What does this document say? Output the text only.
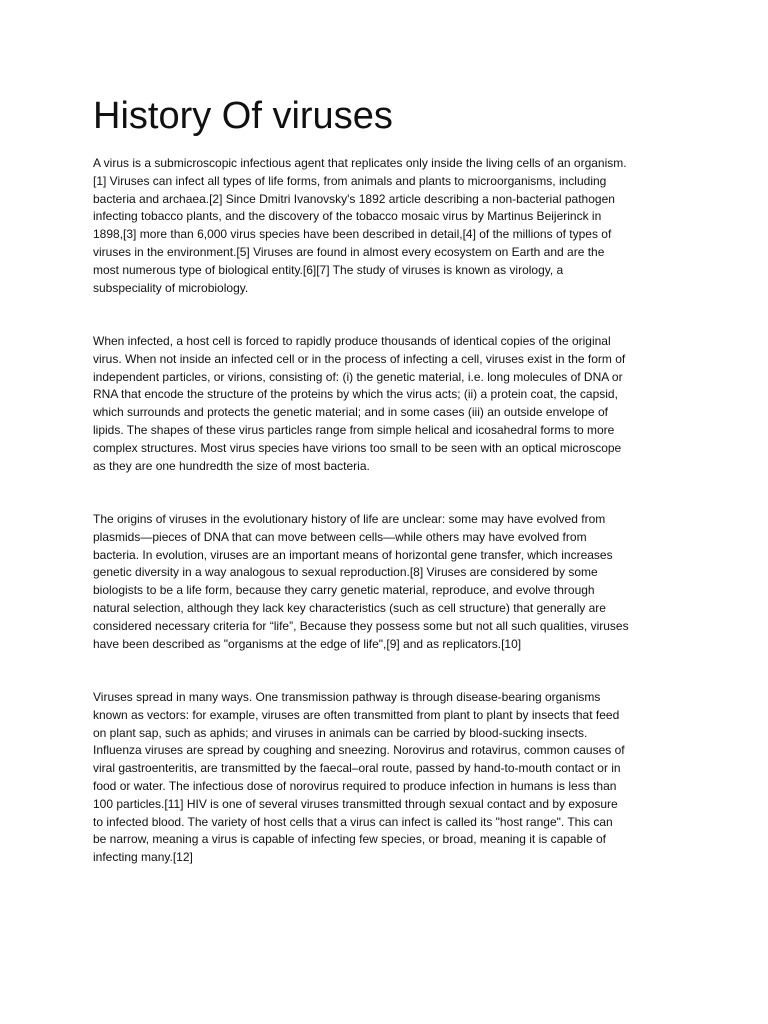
History Of viruses

A virus is a submicroscopic infectious agent that replicates only inside the living cells of an organism.
[1] Viruses can infect all types of life forms, from animals and plants to microorganisms, including
bacteria and archaea.[2] Since Dmitri Ivanovsky's 1892 article describing a non-bacterial pathogen
infecting tobacco plants, and the discovery of the tobacco mosaic virus by Martinus Beijerinck in
1898,[3] more than 6,000 virus species have been described in detail,[4] of the millions of types of
viruses in the environment.[5] Viruses are found in almost every ecosystem on Earth and are the
most numerous type of biological entity.[6][7] The study of viruses is known as virology, a
subspeciality of microbiology.

When infected, a host cell is forced to rapidly produce thousands of identical copies of the original
virus. When not inside an infected cell or in the process of infecting a cell, viruses exist in the form of
independent particles, or virions, consisting of: (i) the genetic material, i.e. long molecules of DNA or
RNA that encode the structure of the proteins by which the virus acts; (ii) a protein coat, the capsid,
which surrounds and protects the genetic material; and in some cases (iii) an outside envelope of
lipids. The shapes of these virus particles range from simple helical and icosahedral forms to more
complex structures. Most virus species have virions too small to be seen with an optical microscope
as they are one hundredth the size of most bacteria.

The origins of viruses in the evolutionary history of life are unclear: some may have evolved from
plasmids—pieces of DNA that can move between cells—while others may have evolved from
bacteria. In evolution, viruses are an important means of horizontal gene transfer, which increases
genetic diversity in a way analogous to sexual reproduction.[8] Viruses are considered by some
biologists to be a life form, because they carry genetic material, reproduce, and evolve through
natural selection, although they lack key characteristics (such as cell structure) that generally are
considered necessary criteria for “life”, Because they possess some but not all such qualities, viruses
have been described as "organisms at the edge of life",[9] and as replicators.[10]

Viruses spread in many ways. One transmission pathway is through disease-bearing organisms
known as vectors: for example, viruses are often transmitted from plant to plant by insects that feed
on plant sap, such as aphids; and viruses in animals can be carried by blood-sucking insects.
Influenza viruses are spread by coughing and sneezing. Norovirus and rotavirus, common causes of
viral gastroenteritis, are transmitted by the faecal–oral route, passed by hand-to-mouth contact or in
food or water. The infectious dose of norovirus required to produce infection in humans is less than
100 particles.[11] HIV is one of several viruses transmitted through sexual contact and by exposure
to infected blood. The variety of host cells that a virus can infect is called its "host range". This can
be narrow, meaning a virus is capable of infecting few species, or broad, meaning it is capable of
infecting many.[12]
